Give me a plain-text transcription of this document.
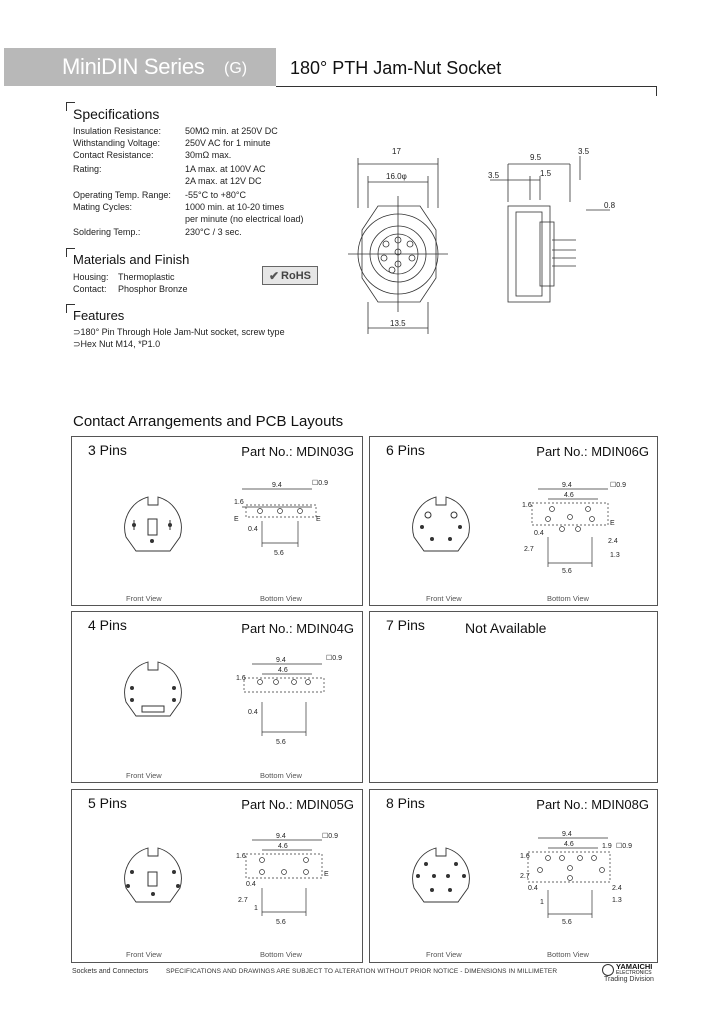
MiniDIN Series (G) 180° PTH Jam-Nut Socket
Specifications
Insulation Resistance:	50MΩ min. at 250V DC
Withstanding Voltage:	250V AC for 1 minute
Contact Resistance:	30mΩ max.
Rating:	1A max. at 100V AC
2A max. at 12V DC
Operating Temp. Range: -55°C to +80°C
Mating Cycles:	1000 min. at 10-20 times
per minute (no electrical load)
Soldering Temp.:	230°C / 3 sec.
Materials and Finish
Housing: Thermoplastic
Contact: Phosphor Bronze
✔ RoHS
Features
⊃180° Pin Through Hole Jam-Nut socket, screw type
⊃Hex Nut M14, *P1.0
17
16.0φ
13.5
9.5
3.5
3.5	1.5
0.8
Contact Arrangements and PCB Layouts
3 Pins	Part No.: MDIN03G
9.4	☐0.9
1.6
0.4
5.6
E	E
Front View	Bottom View
6 Pins	Part No.: MDIN06G
9.4	☐0.9
4.6
1.6
0.4
2.7
2.4
1.3
5.6
E
Front View	Bottom View
4 Pins	Part No.: MDIN04G
9.4	☐0.9
4.6
1.6
0.4
5.6
Front View	Bottom View
7 Pins	Not Available
5 Pins	Part No.: MDIN05G
9.4	☐0.9
4.6
1.6
0.4
2.7
1
5.6
E
Front View	Bottom View
8 Pins	Part No.: MDIN08G
9.4
☐0.9
4.6	1.9
1.6
0.4
2.7
2.4
1.3
1
5.6
Front View	Bottom View
Sockets and Connectors	SPECIFICATIONS AND DRAWINGS ARE SUBJECT TO ALTERATION WITHOUT PRIOR NOTICE - DIMENSIONS IN MILLIMETER
YAMAICHI
ELECTRONICS
Trading Division
